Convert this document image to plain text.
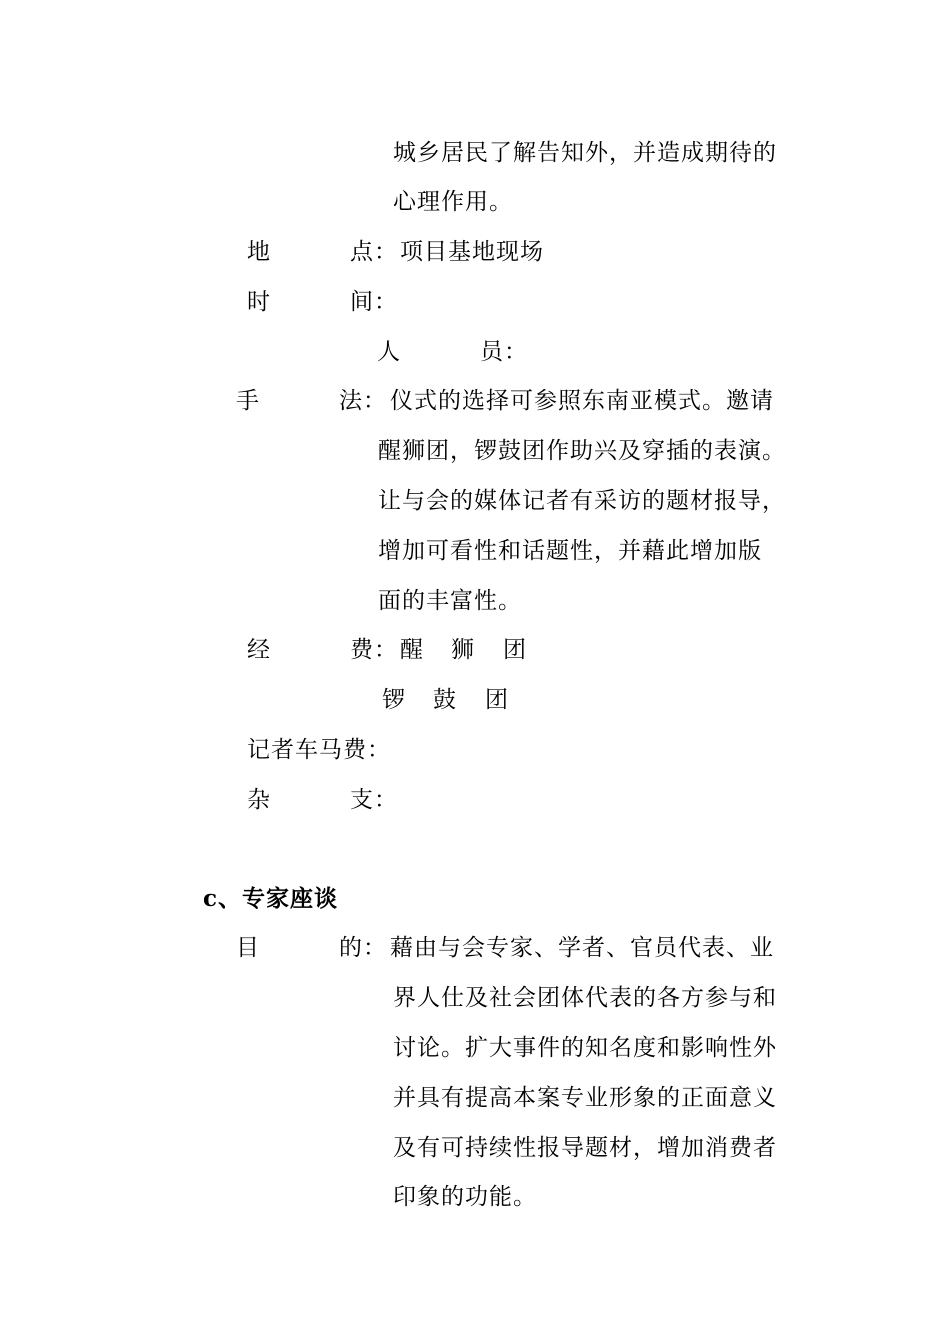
城乡居民了解告知外，并造成期待的
心理作用。
地	点： 项目基地现场
时	间：
人	员：
手	法： 仪式的选择可参照东南亚模式。邀请
醒狮团，锣鼓团作助兴及穿插的表演。
让与会的媒体记者有采访的题材报导，
增加可看性和话题性，并藉此增加版
面的丰富性。
经	费： 醒 狮 团
锣 鼓 团
记者车马费：
杂	支：
c、专家座谈
目	的： 藉由与会专家、学者、官员代表、业
界人仕及社会团体代表的各方参与和
讨论。扩大事件的知名度和影响性外
并具有提高本案专业形象的正面意义
及有可持续性报导题材，增加消费者
印象的功能。
